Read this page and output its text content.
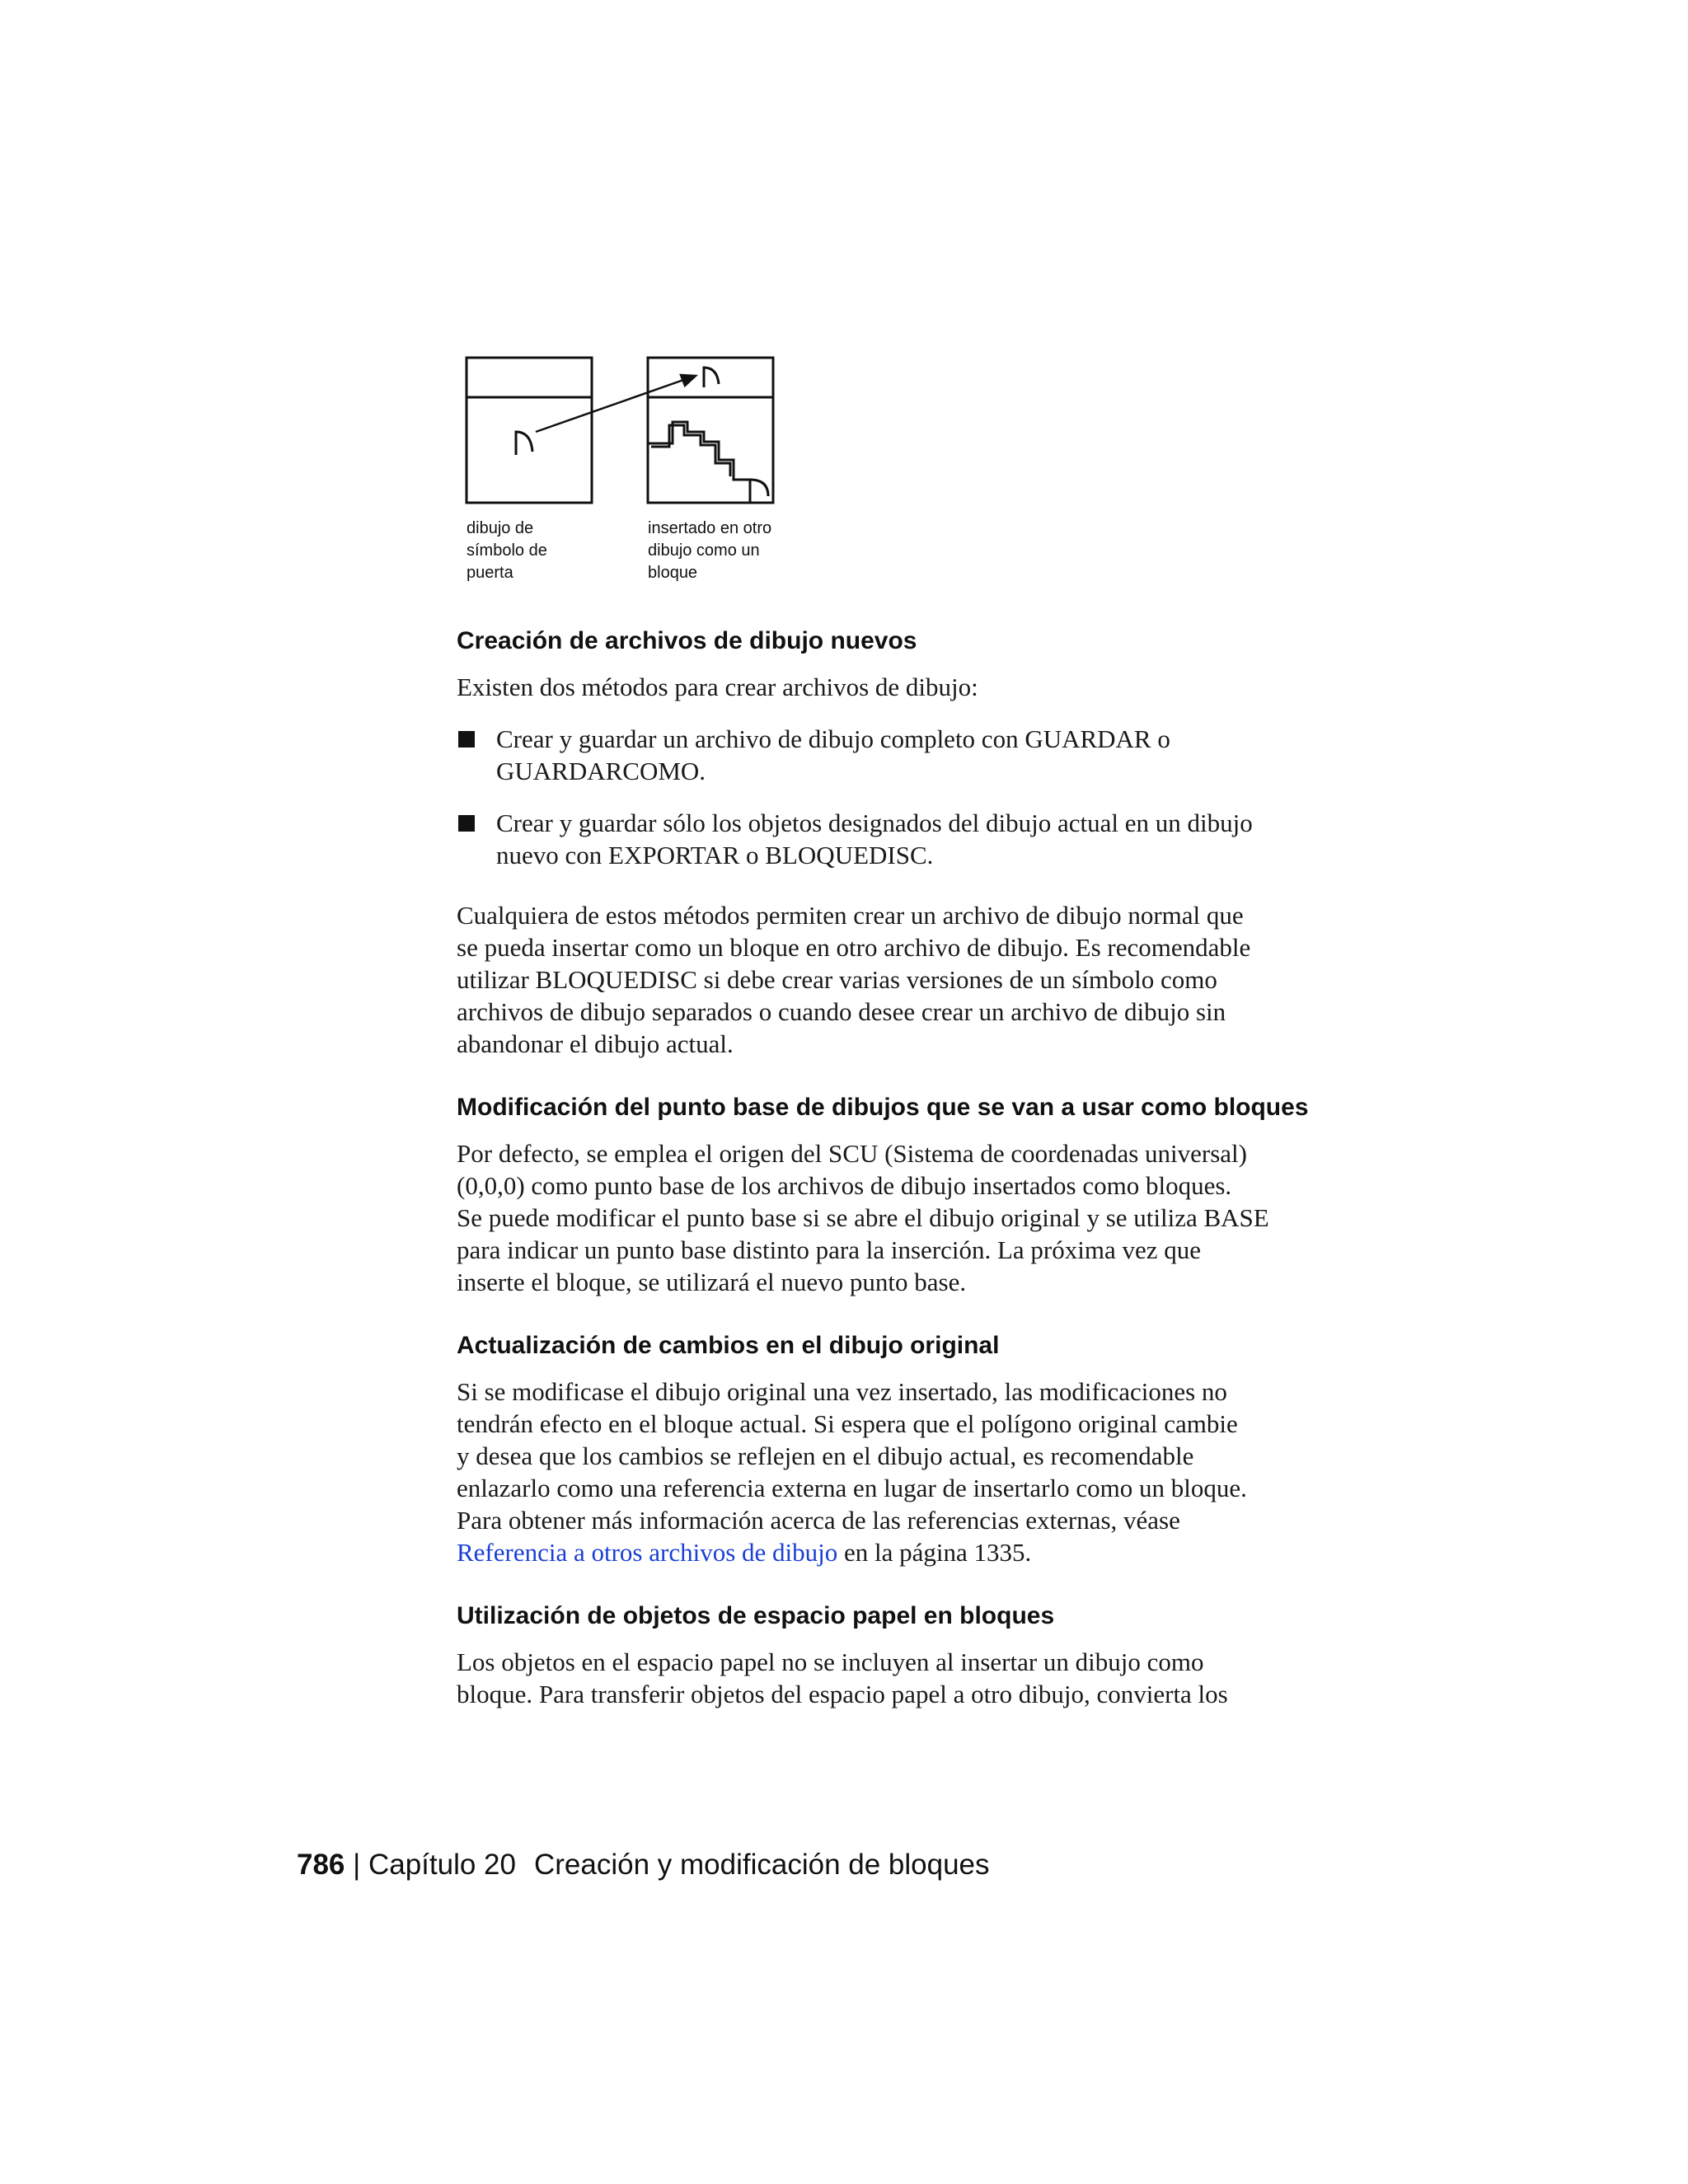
dibujo de
símbolo de
puerta
insertado en otro
dibujo como un
bloque
Creación de archivos de dibujo nuevos

Existen dos métodos para crear archivos de dibujo:

Crear y guardar un archivo de dibujo completo con GUARDAR o
GUARDARCOMO.
Crear y guardar sólo los objetos designados del dibujo actual en un dibujo
nuevo con EXPORTAR o BLOQUEDISC.

Cualquiera de estos métodos permiten crear un archivo de dibujo normal que
se pueda insertar como un bloque en otro archivo de dibujo. Es recomendable
utilizar BLOQUEDISC si debe crear varias versiones de un símbolo como
archivos de dibujo separados o cuando desee crear un archivo de dibujo sin
abandonar el dibujo actual.

Modificación del punto base de dibujos que se van a usar como bloques

Por defecto, se emplea el origen del SCU (Sistema de coordenadas universal)
(0,0,0) como punto base de los archivos de dibujo insertados como bloques.
Se puede modificar el punto base si se abre el dibujo original y se utiliza BASE
para indicar un punto base distinto para la inserción. La próxima vez que
inserte el bloque, se utilizará el nuevo punto base.

Actualización de cambios en el dibujo original

Si se modificase el dibujo original una vez insertado, las modificaciones no
tendrán efecto en el bloque actual. Si espera que el polígono original cambie
y desea que los cambios se reflejen en el dibujo actual, es recomendable
enlazarlo como una referencia externa en lugar de insertarlo como un bloque.
Para obtener más información acerca de las referencias externas, véase
Referencia a otros archivos de dibujo en la página 1335.

Utilización de objetos de espacio papel en bloques

Los objetos en el espacio papel no se incluyen al insertar un dibujo como
bloque. Para transferir objetos del espacio papel a otro dibujo, convierta los

786 | Capítulo 20 Creación y modificación de bloques
